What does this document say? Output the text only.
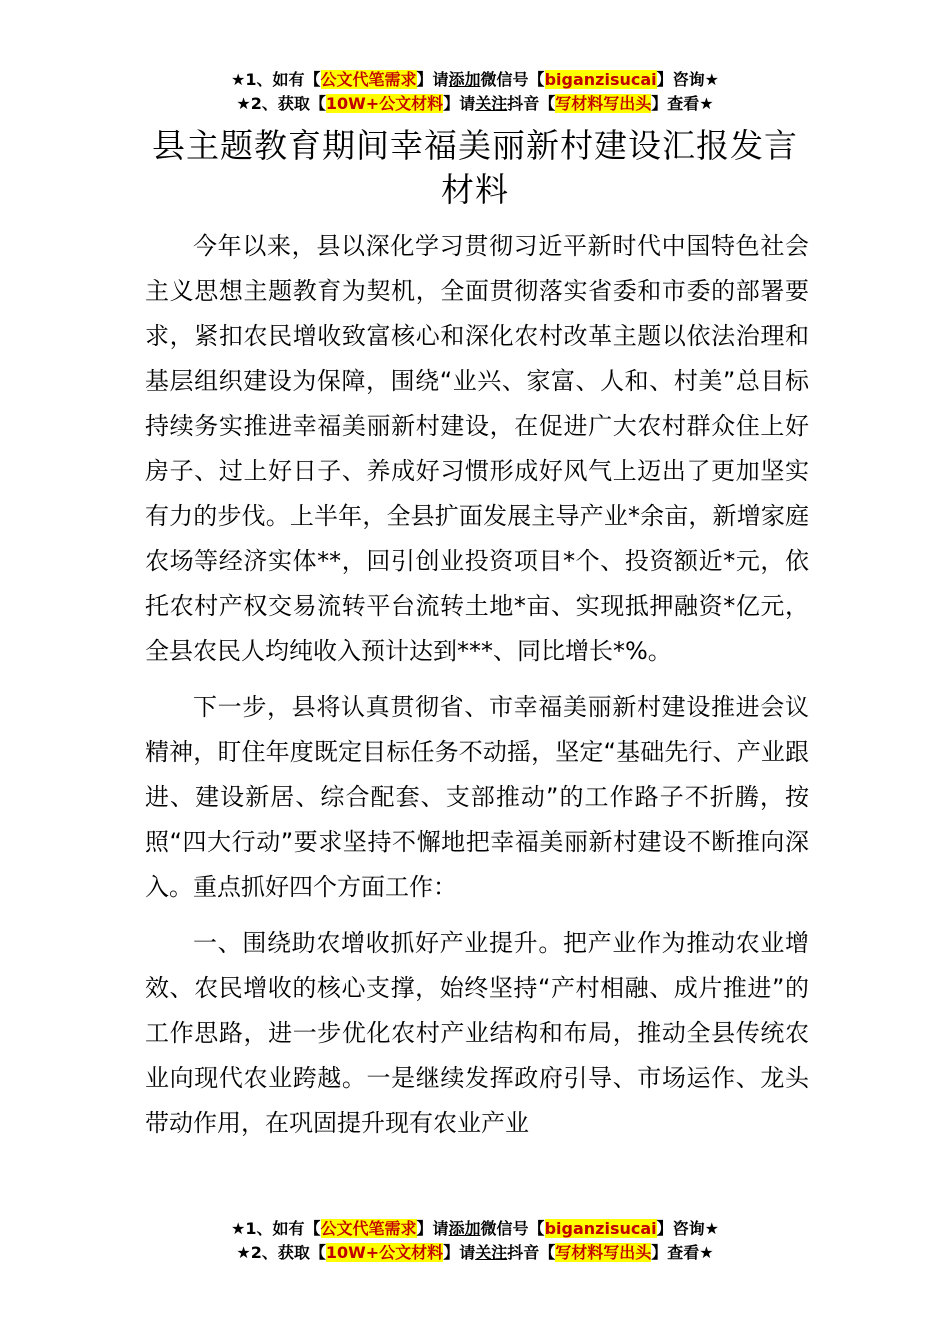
★1、如有【公文代笔需求】请添加微信号【biganzisucai】咨询★
★2、获取【10W+公文材料】请关注抖音【写材料写出头】查看★
县主题教育期间幸福美丽新村建设汇报发言材料

今年以来，县以深化学习贯彻习近平新时代中国特色社会主义思想主题教育为契机，全面贯彻落实省委和市委的部署要求，紧扣农民增收致富核心和深化农村改革主题以依法治理和基层组织建设为保障，围绕“业兴、家富、人和、村美”总目标持续务实推进幸福美丽新村建设，在促进广大农村群众住上好房子、过上好日子、养成好习惯形成好风气上迈出了更加坚实有力的步伐。上半年，全县扩面发展主导产业*余亩，新增家庭农场等经济实体**，回引创业投资项目*个、投资额近*元，依托农村产权交易流转平台流转土地*亩、实现抵押融资*亿元，全县农民人均纯收入预计达到***、同比增长*%。

下一步，县将认真贯彻省、市幸福美丽新村建设推进会议精神，盯住年度既定目标任务不动摇，坚定“基础先行、产业跟进、建设新居、综合配套、支部推动”的工作路子不折腾，按照“四大行动”要求坚持不懈地把幸福美丽新村建设不断推向深入。重点抓好四个方面工作：

一、围绕助农增收抓好产业提升。把产业作为推动农业增效、农民增收的核心支撑，始终坚持“产村相融、成片推进”的工作思路，进一步优化农村产业结构和布局，推动全县传统农业向现代农业跨越。一是继续发挥政府引导、市场运作、龙头带动作用，在巩固提升现有农业产业

★1、如有【公文代笔需求】请添加微信号【biganzisucai】咨询★
★2、获取【10W+公文材料】请关注抖音【写材料写出头】查看★
